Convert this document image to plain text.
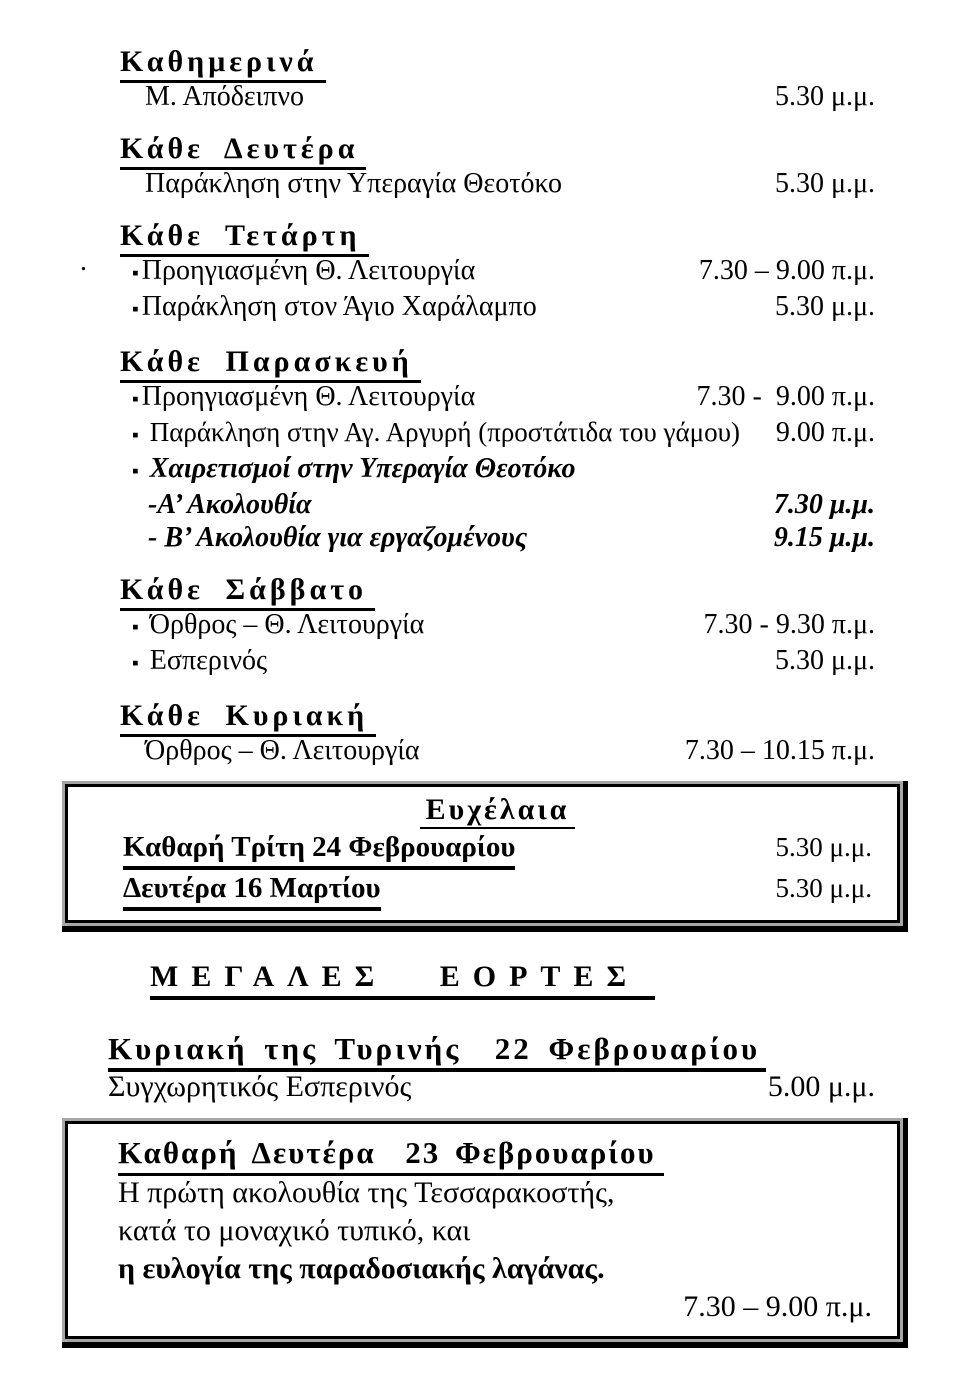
.
Καθημερινά
Μ. Απόδειπνο	5.30 μ.μ.
Κάθε Δευτέρα
Παράκληση στην Υπεραγία Θεοτόκο	5.30 μ.μ.
Κάθε Τετάρτη
▪ Προηγιασμένη Θ. Λειτουργία	7.30 – 9.00 π.μ.
▪ Παράκληση στον Άγιο Χαράλαμπο	5.30 μ.μ.
Κάθε Παρασκευή
▪ Προηγιασμένη Θ. Λειτουργία	7.30 -  9.00 π.μ.
▪ Παράκληση στην Αγ. Αργυρή (προστάτιδα του γάμου) 9.00 π.μ.
▪ Χαιρετισμοί στην Υπεραγία Θεοτόκο
-Α’ Ακολουθία	7.30 μ.μ.
- Β’ Ακολουθία για εργαζομένους	9.15 μ.μ.
Κάθε Σάββατο
▪ Όρθρος – Θ. Λειτουργία	7.30 - 9.30 π.μ.
▪ Εσπερινός	5.30 μ.μ.
Κάθε Κυριακή
Όρθρος – Θ. Λειτουργία	7.30 – 10.15 π.μ.
Ευχέλαια
Καθαρή Τρίτη 24 Φεβρουαρίου	5.30 μ.μ.
Δευτέρα 16 Μαρτίου	5.30 μ.μ.
ΜΕΓΑΛΕΣ ΕΟΡΤΕΣ
Κυριακή της Τυρινής  22 Φεβρουαρίου
Συγχωρητικός Εσπερινός	5.00 μ.μ.
Καθαρή Δευτέρα  23 Φεβρουαρίου
Η πρώτη ακολουθία της Τεσσαρακοστής,
κατά το μοναχικό τυπικό, και
η ευλογία της παραδοσιακής λαγάνας.
7.30 – 9.00 π.μ.
